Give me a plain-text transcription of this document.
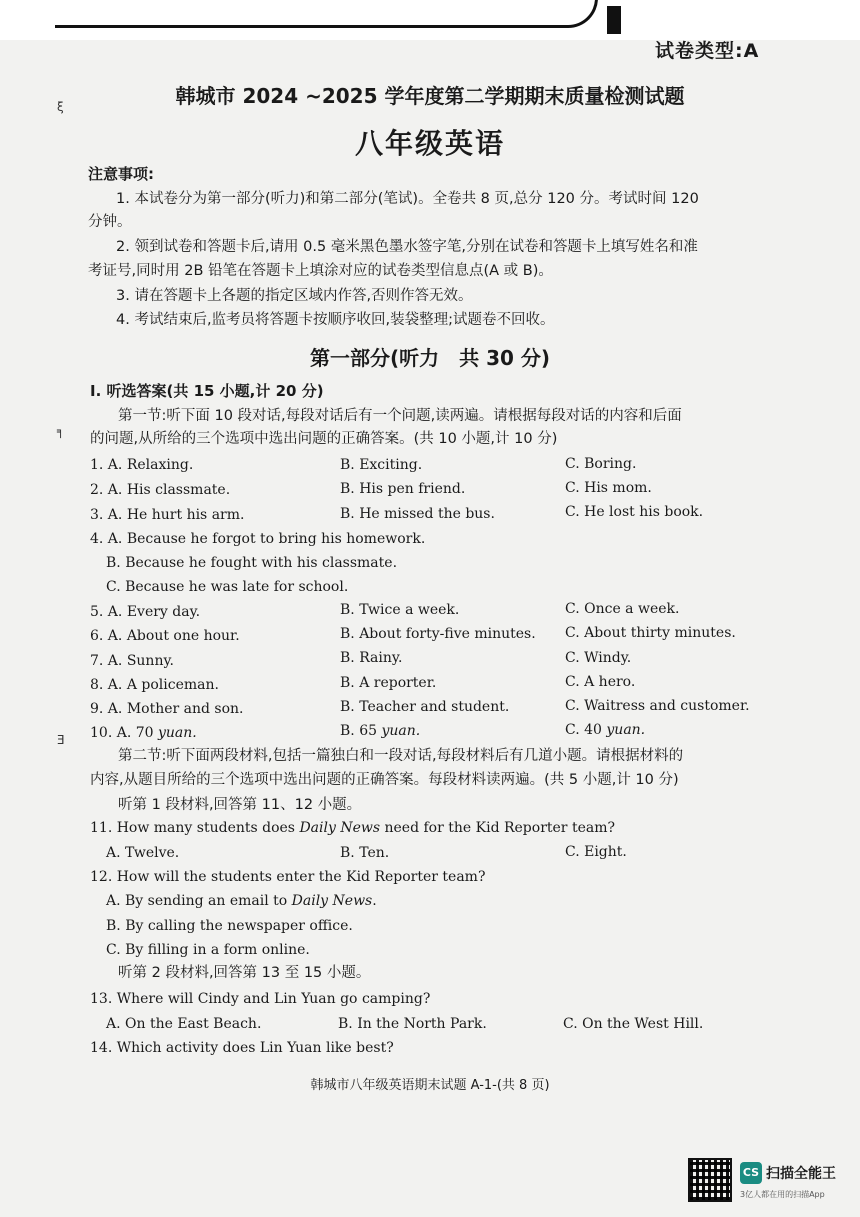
试卷类型:A
韩城市 2024 ~2025 学年度第二学期期末质量检测试题
八年级英语
注意事项:
1. 本试卷分为第一部分(听力)和第二部分(笔试)。全卷共 8 页,总分 120 分。考试时间 120
分钟。
2. 领到试卷和答题卡后,请用 0.5 毫米黑色墨水签字笔,分别在试卷和答题卡上填写姓名和准
考证号,同时用 2B 铅笔在答题卡上填涂对应的试卷类型信息点(A 或 B)。
3. 请在答题卡上各题的指定区域内作答,否则作答无效。
4. 考试结束后,监考员将答题卡按顺序收回,装袋整理;试题卷不回收。
第一部分(听力　共 30 分)
Ⅰ. 听选答案(共 15 小题,计 20 分)
第一节:听下面 10 段对话,每段对话后有一个问题,读两遍。请根据每段对话的内容和后面
的问题,从所给的三个选项中选出问题的正确答案。(共 10 小题,计 10 分)
1. A. Relaxing.	B. Exciting.	C. Boring.
2. A. His classmate.	B. His pen friend.	C. His mom.
3. A. He hurt his arm.	B. He missed the bus.	C. He lost his book.
4. A. Because he forgot to bring his homework.
B. Because he fought with his classmate.
C. Because he was late for school.
5. A. Every day.	B. Twice a week.	C. Once a week.
6. A. About one hour.	B. About forty-five minutes. C. About thirty minutes.
7. A. Sunny.	B. Rainy.	C. Windy.
8. A. A policeman.	B. A reporter.	C. A hero.
9. A. Mother and son.	B. Teacher and student.	C. Waitress and customer.
10. A. 70 yuan.	B. 65 yuan.	C. 40 yuan.
第二节:听下面两段材料,包括一篇独白和一段对话,每段材料后有几道小题。请根据材料的
内容,从题目所给的三个选项中选出问题的正确答案。每段材料读两遍。(共 5 小题,计 10 分)
听第 1 段材料,回答第 11、12 小题。
11. How many students does Daily News need for the Kid Reporter team?
A. Twelve.	B. Ten.	C. Eight.
12. How will the students enter the Kid Reporter team?
A. By sending an email to Daily News.
B. By calling the newspaper office.
C. By filling in a form online.
听第 2 段材料,回答第 13 至 15 小题。
13. Where will Cindy and Lin Yuan go camping?
A. On the East Beach.	B. In the North Park.	C. On the West Hill.
14. Which activity does Lin Yuan like best?
韩城市八年级英语期末试题 A-1-(共 8 页)
ξ
╕
Ǝ
CS 扫描全能王
3亿人都在用的扫描App
